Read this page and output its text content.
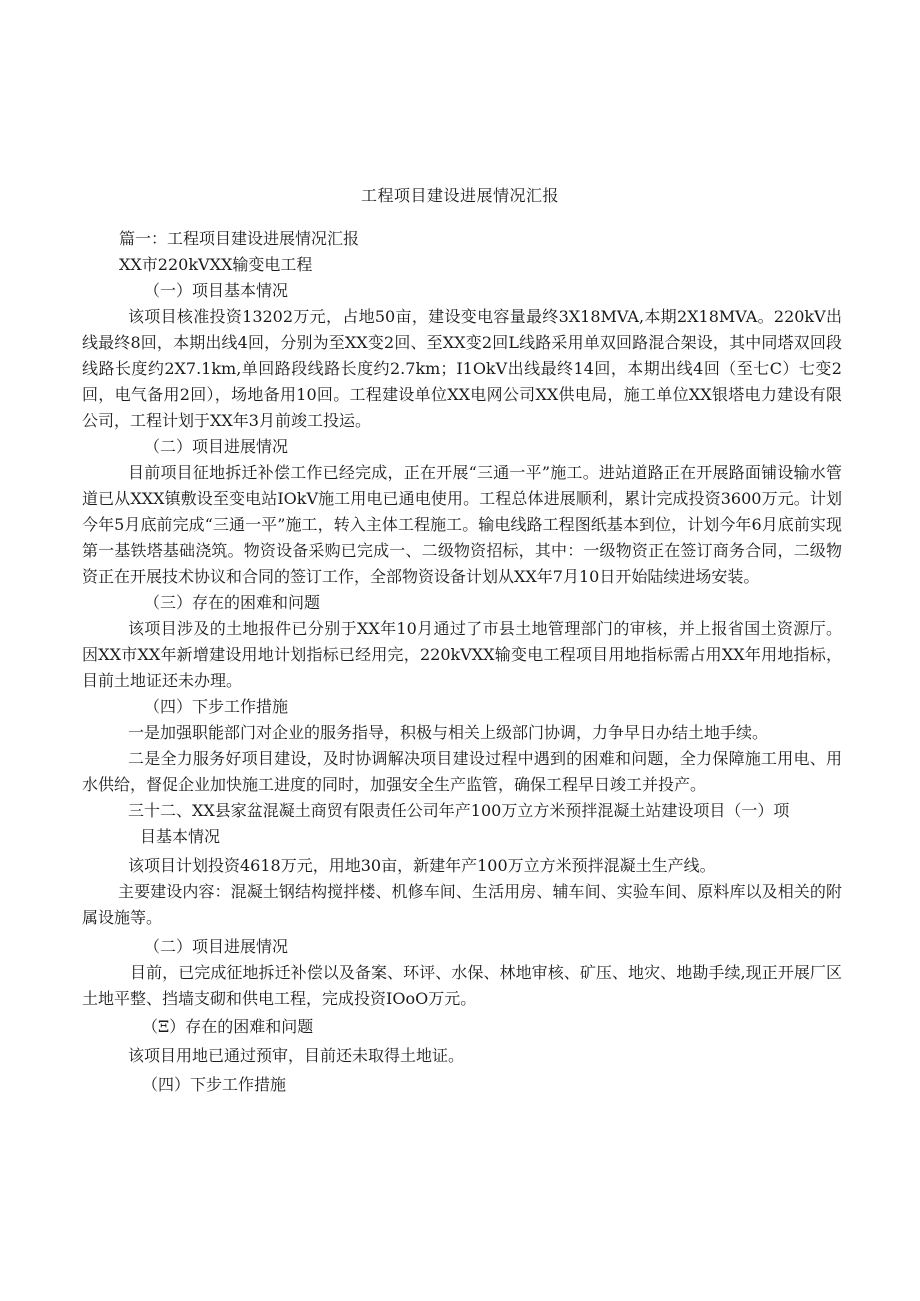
工程项目建设进展情况汇报

篇一：工程项目建设进展情况汇报

XX市220kVXX输变电工程

（一）项目基本情况

该项目核准投资13202万元，占地50亩，建设变电容量最终3X18MVA,本期2X18MVA。220kV出线最终8回，本期出线4回，分别为至XX变2回、至XX变2回L线路采用单双回路混合架设，其中同塔双回段线路长度约2X7.1km,单回路段线路长度约2.7km；I1OkV出线最终14回，本期出线4回（至七C）七变2回，电气备用2回），场地备用10回。工程建设单位XX电网公司XX供电局，施工单位XX银塔电力建设有限公司，工程计划于XX年3月前竣工投运。

（二）项目进展情况

目前项目征地拆迁补偿工作已经完成，正在开展“三通一平”施工。进站道路正在开展路面铺设输水管道已从XXX镇敷设至变电站IOkV施工用电已通电使用。工程总体进展顺利，累计完成投资3600万元。计划今年5月底前完成“三通一平”施工，转入主体工程施工。输电线路工程图纸基本到位，计划今年6月底前实现第一基铁塔基础浇筑。物资设备采购已完成一、二级物资招标，其中：一级物资正在签订商务合同，二级物资正在开展技术协议和合同的签订工作，全部物资设备计划从XX年7月10日开始陆续进场安装。

（三）存在的困难和问题

该项目涉及的土地报件已分别于XX年10月通过了市县土地管理部门的审核，并上报省国土资源厅。因XX市XX年新增建设用地计划指标已经用完，220kVXX输变电工程项目用地指标需占用XX年用地指标，目前土地证还未办理。

（四）下步工作措施

一是加强职能部门对企业的服务指导，积极与相关上级部门协调，力争早日办结土地手续。

二是全力服务好项目建设，及时协调解决项目建设过程中遇到的困难和问题，全力保障施工用电、用水供给，督促企业加快施工进度的同时，加强安全生产监管，确保工程早日竣工并投产。

三十二、XX县家盆混凝土商贸有限责任公司年产100万立方米预拌混凝土站建设项目（一）项

目基本情况

该项目计划投资4618万元，用地30亩，新建年产100万立方米预拌混凝土生产线。

主要建设内容：混凝土钢结构搅拌楼、机修车间、生活用房、辅车间、实验车间、原料库以及相关的附属设施等。

（二）项目进展情况

目前，已完成征地拆迁补偿以及备案、环评、水保、林地审核、矿压、地灾、地勘手续,现正开展厂区土地平整、挡墙支砌和供电工程，完成投资IOoO万元。

（Ξ）存在的困难和问题

该项目用地已通过预审，目前还未取得土地证。

（四）下步工作措施
